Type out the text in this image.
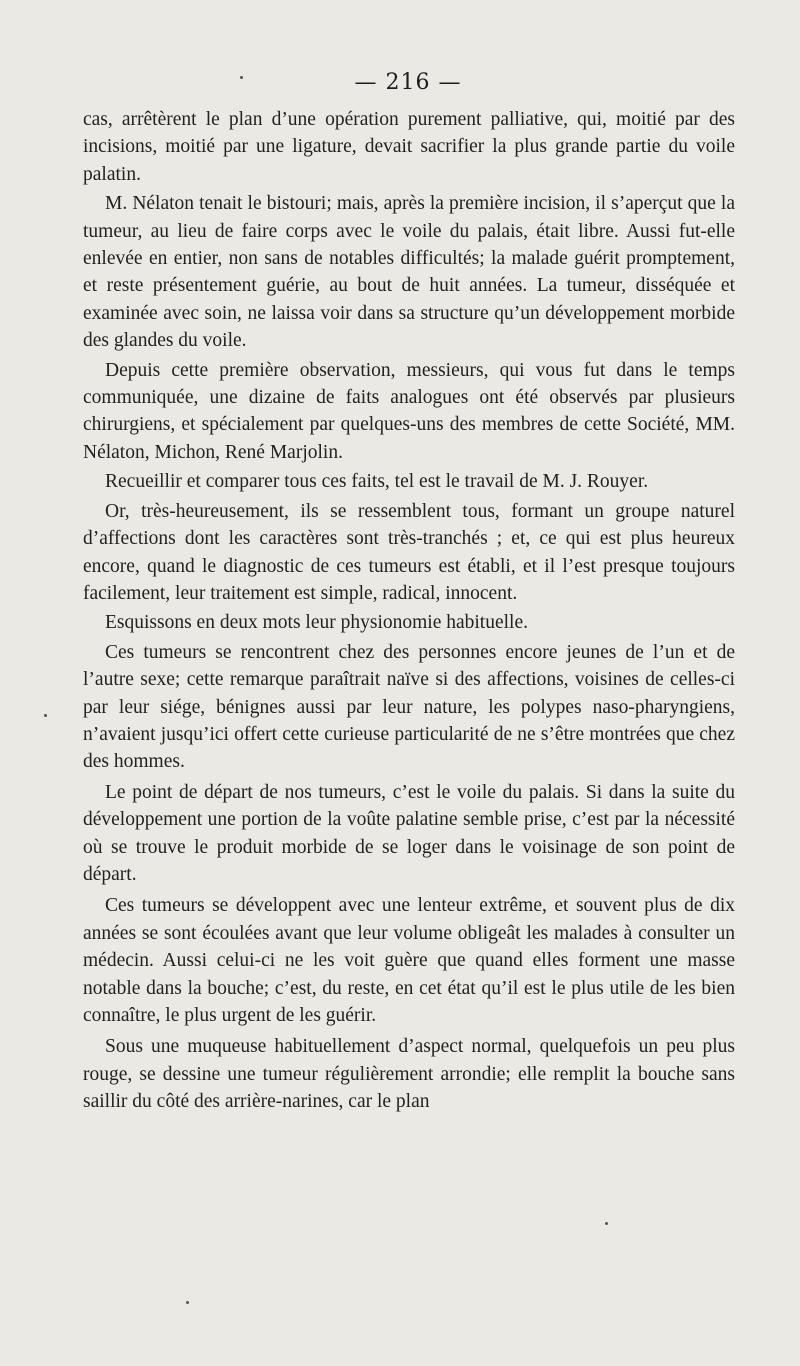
— 216 —

cas, arrêtèrent le plan d’une opération purement palliative, qui, moitié par des incisions, moitié par une ligature, devait sacrifier la plus grande partie du voile palatin.

M. Nélaton tenait le bistouri; mais, après la première incision, il s’aperçut que la tumeur, au lieu de faire corps avec le voile du palais, était libre. Aussi fut-elle enlevée en entier, non sans de notables difficultés; la malade guérit promptement, et reste présentement guérie, au bout de huit années. La tumeur, disséquée et examinée avec soin, ne laissa voir dans sa structure qu’un développement morbide des glandes du voile.

Depuis cette première observation, messieurs, qui vous fut dans le temps communiquée, une dizaine de faits analogues ont été observés par plusieurs chirurgiens, et spécialement par quelques-uns des membres de cette Société, MM. Nélaton, Michon, René Marjolin.

Recueillir et comparer tous ces faits, tel est le travail de M. J. Rouyer.

Or, très-heureusement, ils se ressemblent tous, formant un groupe naturel d’affections dont les caractères sont très-tranchés ; et, ce qui est plus heureux encore, quand le diagnostic de ces tumeurs est établi, et il l’est presque toujours facilement, leur traitement est simple, radical, innocent.

Esquissons en deux mots leur physionomie habituelle.

Ces tumeurs se rencontrent chez des personnes encore jeunes de l’un et de l’autre sexe; cette remarque paraîtrait naïve si des affections, voisines de celles-ci par leur siége, bénignes aussi par leur nature, les polypes naso-pharyngiens, n’avaient jusqu’ici offert cette curieuse particularité de ne s’être montrées que chez des hommes.

Le point de départ de nos tumeurs, c’est le voile du palais. Si dans la suite du développement une portion de la voûte palatine semble prise, c’est par la nécessité où se trouve le produit morbide de se loger dans le voisinage de son point de départ.

Ces tumeurs se développent avec une lenteur extrême, et souvent plus de dix années se sont écoulées avant que leur volume obligeât les malades à consulter un médecin. Aussi celui-ci ne les voit guère que quand elles forment une masse notable dans la bouche; c’est, du reste, en cet état qu’il est le plus utile de les bien connaître, le plus urgent de les guérir.

Sous une muqueuse habituellement d’aspect normal, quelquefois un peu plus rouge, se dessine une tumeur régulièrement arrondie; elle remplit la bouche sans saillir du côté des arrière-narines, car le plan
